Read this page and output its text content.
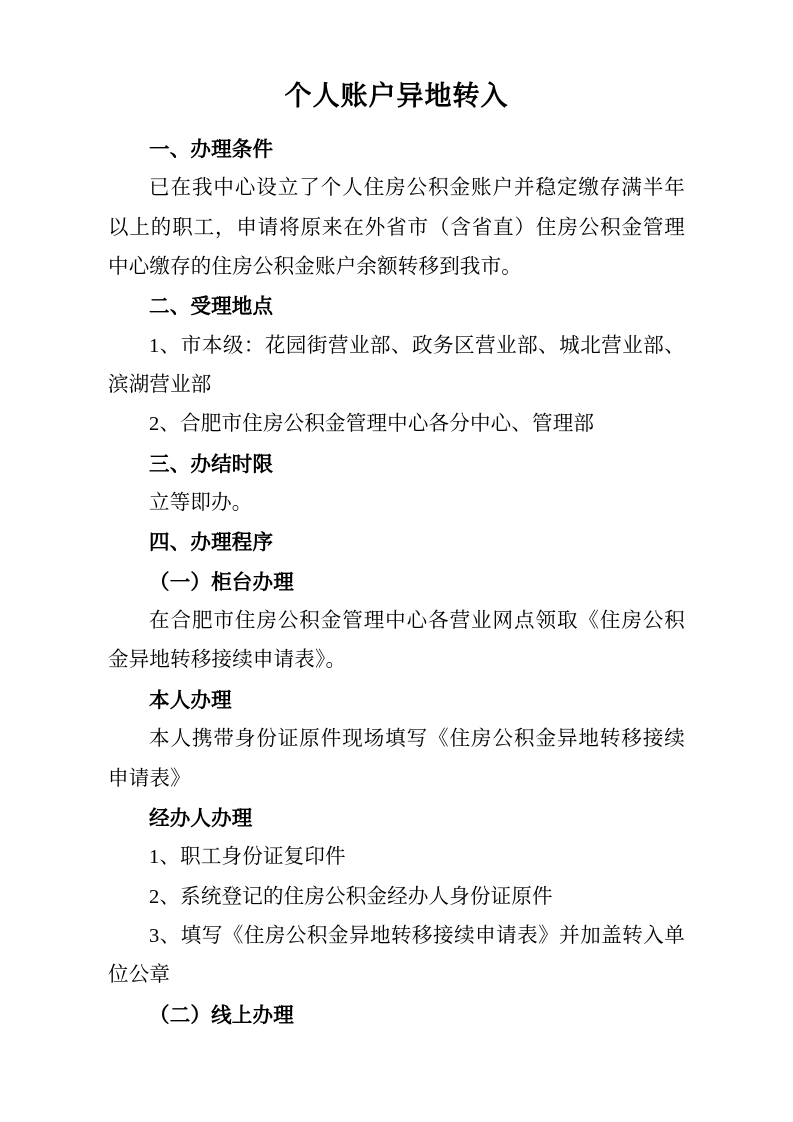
个人账户异地转入

一、办理条件

已在我中心设立了个人住房公积金账户并稳定缴存满半年以上的职工，申请将原来在外省市（含省直）住房公积金管理中心缴存的住房公积金账户余额转移到我市。

二、受理地点

1、市本级：花园街营业部、政务区营业部、城北营业部、滨湖营业部

2、合肥市住房公积金管理中心各分中心、管理部

三、办结时限

立等即办。

四、办理程序

（一）柜台办理

在合肥市住房公积金管理中心各营业网点领取《住房公积金异地转移接续申请表》。

本人办理

本人携带身份证原件现场填写《住房公积金异地转移接续申请表》

经办人办理

1、职工身份证复印件

2、系统登记的住房公积金经办人身份证原件

3、填写《住房公积金异地转移接续申请表》并加盖转入单位公章

（二）线上办理
